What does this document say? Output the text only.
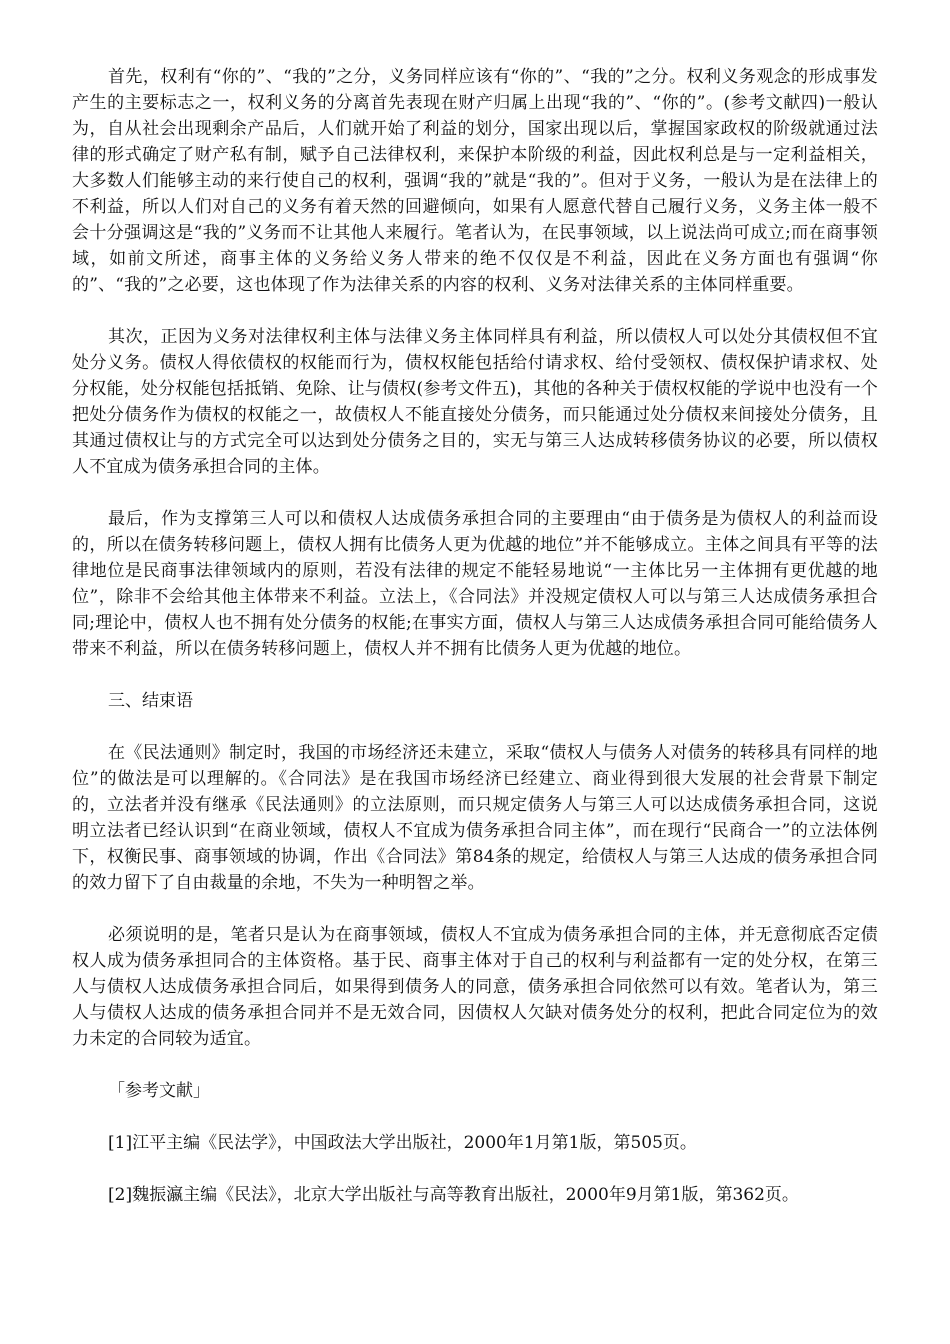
首先，权利有“你的”、“我的”之分，义务同样应该有“你的”、“我的”之分。权利义务观念的形成事发产生的主要标志之一，权利义务的分离首先表现在财产归属上出现“我的”、“你的”。(参考文献四)一般认为，自从社会出现剩余产品后，人们就开始了利益的划分，国家出现以后，掌握国家政权的阶级就通过法律的形式确定了财产私有制，赋予自己法律权利，来保护本阶级的利益，因此权利总是与一定利益相关，大多数人们能够主动的来行使自己的权利，强调“我的”就是“我的”。但对于义务，一般认为是在法律上的不利益，所以人们对自己的义务有着天然的回避倾向，如果有人愿意代替自己履行义务，义务主体一般不会十分强调这是“我的”义务而不让其他人来履行。笔者认为，在民事领域，以上说法尚可成立;而在商事领域，如前文所述，商事主体的义务给义务人带来的绝不仅仅是不利益，因此在义务方面也有强调“你的”、“我的”之必要，这也体现了作为法律关系的内容的权利、义务对法律关系的主体同样重要。

其次，正因为义务对法律权利主体与法律义务主体同样具有利益，所以债权人可以处分其债权但不宜处分义务。债权人得依债权的权能而行为，债权权能包括给付请求权、给付受领权、债权保护请求权、处分权能，处分权能包括抵销、免除、让与债权(参考文件五)，其他的各种关于债权权能的学说中也没有一个把处分债务作为债权的权能之一，故债权人不能直接处分债务，而只能通过处分债权来间接处分债务，且其通过债权让与的方式完全可以达到处分债务之目的，实无与第三人达成转移债务协议的必要，所以债权人不宜成为债务承担合同的主体。

最后，作为支撑第三人可以和债权人达成债务承担合同的主要理由“由于债务是为债权人的利益而设的，所以在债务转移问题上，债权人拥有比债务人更为优越的地位”并不能够成立。主体之间具有平等的法律地位是民商事法律领域内的原则，若没有法律的规定不能轻易地说“一主体比另一主体拥有更优越的地位”，除非不会给其他主体带来不利益。立法上，《合同法》并没规定债权人可以与第三人达成债务承担合同;理论中，债权人也不拥有处分债务的权能;在事实方面，债权人与第三人达成债务承担合同可能给债务人带来不利益，所以在债务转移问题上，债权人并不拥有比债务人更为优越的地位。

三、结束语

在《民法通则》制定时，我国的市场经济还未建立，采取“债权人与债务人对债务的转移具有同样的地位”的做法是可以理解的。《合同法》是在我国市场经济已经建立、商业得到很大发展的社会背景下制定的，立法者并没有继承《民法通则》的立法原则，而只规定债务人与第三人可以达成债务承担合同，这说明立法者已经认识到“在商业领域，债权人不宜成为债务承担合同主体”，而在现行“民商合一”的立法体例下，权衡民事、商事领域的协调，作出《合同法》第84条的规定，给债权人与第三人达成的债务承担合同的效力留下了自由裁量的余地，不失为一种明智之举。

必须说明的是，笔者只是认为在商事领域，债权人不宜成为债务承担合同的主体，并无意彻底否定债权人成为债务承担同合的主体资格。基于民、商事主体对于自己的权利与利益都有一定的处分权，在第三人与债权人达成债务承担合同后，如果得到债务人的同意，债务承担合同依然可以有效。笔者认为，第三人与债权人达成的债务承担合同并不是无效合同，因债权人欠缺对债务处分的权利，把此合同定位为的效力未定的合同较为适宜。

「参考文献」

[1]江平主编《民法学》，中国政法大学出版社，2000年1月第1版，第505页。

[2]魏振瀛主编《民法》，北京大学出版社与高等教育出版社，2000年9月第1版，第362页。
